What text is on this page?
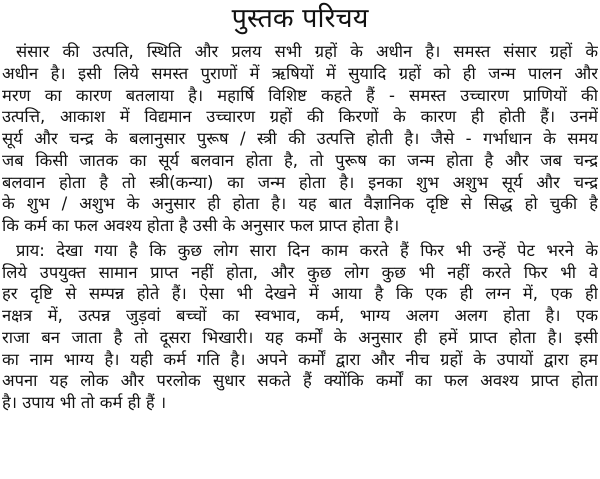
पुस्तक परिचय
संसार की उत्पति, स्थिति और प्रलय सभी ग्रहों के अधीन है। समस्त संसार ग्रहों के
अधीन है। इसी लिये समस्त पुराणों में ऋषियों में सुयादि ग्रहों को ही जन्म पालन और
मरण का कारण बतलाया है। महार्षि विशिष्ट कहते हैं - समस्त उच्चारण प्राणियों की
उत्पत्ति, आकाश में विद्यमान उच्चारण ग्रहों की किरणों के कारण ही होती हैं। उनमें
सूर्य और चन्द्र के बलानुसार पुरूष / स्त्री की उत्पत्ति होती है। जैसे - गर्भाधान के समय
जब किसी जातक का सूर्य बलवान होता है, तो पुरूष का जन्म होता है और जब चन्द्र
बलवान होता है तो स्त्री(कन्या) का जन्म होता है। इनका शुभ अशुभ सूर्य और चन्द्र
के शुभ / अशुभ के अनुसार ही होता है। यह बात वैज्ञानिक दृष्टि से सिद्ध हो चुकी है
कि कर्म का फल अवश्य होता है उसी के अनुसार फल प्राप्त होता है।
प्राय: देखा गया है कि कुछ लोग सारा दिन काम करते हैं फिर भी उन्हें पेट भरने के
लिये उपयुक्त सामान प्राप्त नहीं होता, और कुछ लोग कुछ भी नहीं करते फिर भी वे
हर दृष्टि से सम्पन्न होते हैं। ऐसा भी देखने में आया है कि एक ही लग्न में, एक ही
नक्षत्र में, उत्पन्न जुड़वां बच्चों का स्वभाव, कर्म, भाग्य अलग अलग होता है। एक
राजा बन जाता है तो दूसरा भिखारी। यह कर्मों के अनुसार ही हमें प्राप्त होता है। इसी
का नाम भाग्य है। यही कर्म गति है। अपने कर्मों द्वारा और नीच ग्रहों के उपायों द्वारा हम
अपना यह लोक और परलोक सुधार सकते हैं क्योंकि कर्मों का फल अवश्य प्राप्त होता
है। उपाय भी तो कर्म ही हैं ।
